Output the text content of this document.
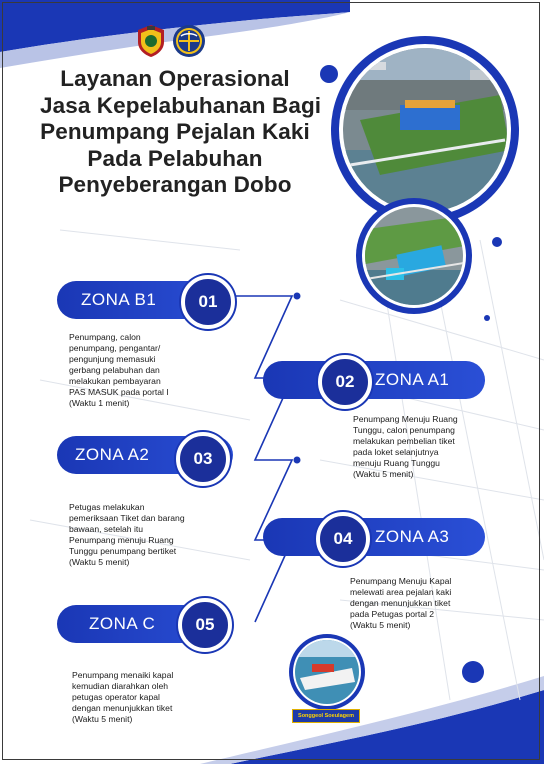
Layanan Operasional
Jasa Kepelabuhanan Bagi
Penumpang Pejalan Kaki
Pada Pelabuhan
Penyeberangan Dobo
ZONA B1	01
Penumpang, calon
penumpang, pengantar/
pengunjung memasuki
gerbang pelabuhan dan
melakukan pembayaran
PAS MASUK pada portal I
(Waktu 1 menit)
ZONA A1
02
Penumpang Menuju Ruang
Tunggu, calon penumpang
melakukan pembelian tiket
pada loket selanjutnya
menuju Ruang Tunggu
(Waktu 5 menit)
ZONA A2	03
Petugas melakukan
pemeriksaan Tiket dan barang
bawaan, setelah itu
Penumpang menuju Ruang
Tunggu penumpang bertiket
(Waktu 5 menit)
ZONA A3
04
Penumpang Menuju Kapal
melewati area pejalan kaki
dengan menunjukkan tiket
pada Petugas portal 2
(Waktu 5 menit)
ZONA C	05
Penumpang menaiki kapal
kemudian diarahkan oleh
petugas operator kapal
dengan menunjukkan tiket
(Waktu 5 menit)	Songgeol Soeulagem
